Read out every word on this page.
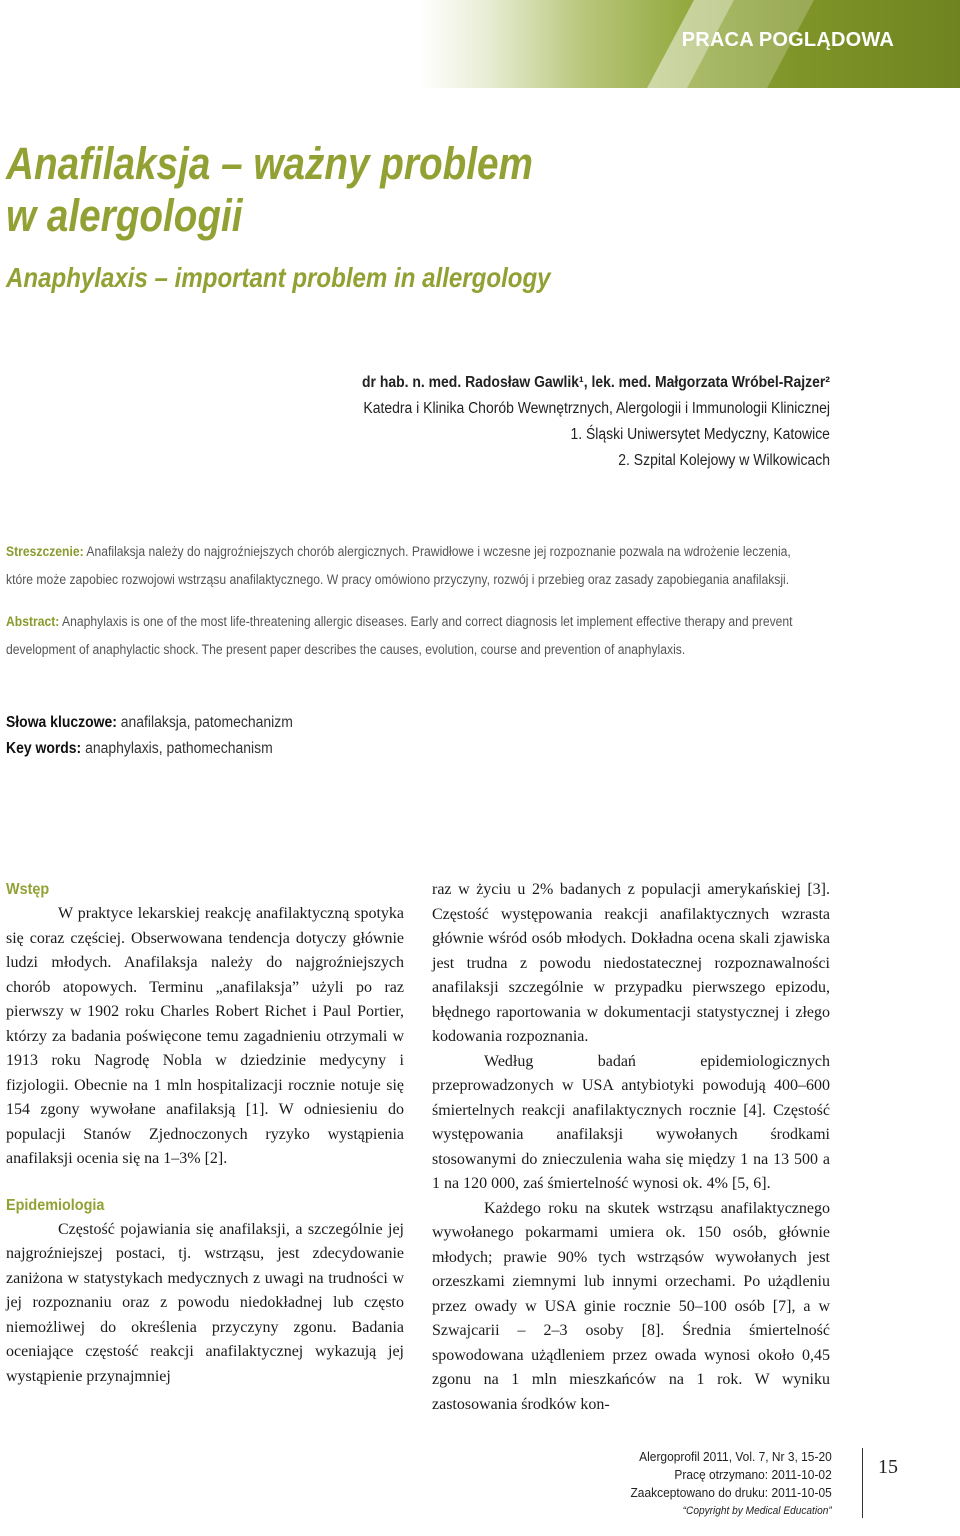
PRACA POGLĄDOWA
Anafilaksja – ważny problem
w alergologii
Anaphylaxis – important problem in allergology
dr hab. n. med. Radosław Gawlik¹, lek. med. Małgorzata Wróbel-Rajzer²
Katedra i Klinika Chorób Wewnętrznych, Alergologii i Immunologii Klinicznej
1. Śląski Uniwersytet Medyczny, Katowice
2. Szpital Kolejowy w Wilkowicach

Streszczenie: Anafilaksja należy do najgroźniejszych chorób alergicznych. Prawidłowe i wczesne jej rozpoznanie pozwala na wdrożenie leczenia, które może zapobiec rozwojowi wstrząsu anafilaktycznego. W pracy omówiono przyczyny, rozwój i przebieg oraz zasady zapobiegania anafilaksji.

Abstract: Anaphylaxis is one of the most life-threatening allergic diseases. Early and correct diagnosis let implement effective therapy and prevent development of anaphylactic shock. The present paper describes the causes, evolution, course and prevention of anaphylaxis.

Słowa kluczowe: anafilaksja, patomechanizm
Key words: anaphylaxis, pathomechanism
Wstęp

W praktyce lekarskiej reakcję anafilaktyczną spotyka się coraz częściej. Obserwowana tendencja dotyczy głównie ludzi młodych. Anafilaksja należy do najgroźniejszych chorób atopowych. Terminu „anafilaksja” użyli po raz pierwszy w 1902 roku Charles Robert Richet i Paul Portier, którzy za badania poświęcone temu zagadnieniu otrzymali w 1913 roku Nagrodę Nobla w dziedzinie medycyny i fizjologii. Obecnie na 1 mln hospitalizacji rocznie notuje się 154 zgony wywołane anafilaksją [1]. W odniesieniu do populacji Stanów Zjednoczonych ryzyko wystąpienia anafilaksji ocenia się na 1–3% [2].

Epidemiologia

Częstość pojawiania się anafilaksji, a szczególnie jej najgroźniejszej postaci, tj. wstrząsu, jest zdecydowanie zaniżona w statystykach medycznych z uwagi na trudności w jej rozpoznaniu oraz z powodu niedokładnej lub często niemożliwej do określenia przyczyny zgonu. Badania oceniające częstość reakcji anafilaktycznej wykazują jej wystąpienie przynajmniej

raz w życiu u 2% badanych z populacji amerykańskiej [3]. Częstość występowania reakcji anafilaktycznych wzrasta głównie wśród osób młodych. Dokładna ocena skali zjawiska jest trudna z powodu niedostatecznej rozpoznawalności anafilaksji szczególnie w przypadku pierwszego epizodu, błędnego raportowania w dokumentacji statystycznej i złego kodowania rozpoznania.

Według badań epidemiologicznych przeprowadzonych w USA antybiotyki powodują 400–600 śmiertelnych reakcji anafilaktycznych rocznie [4]. Częstość występowania anafilaksji wywołanych środkami stosowanymi do znieczulenia waha się między 1 na 13 500 a 1 na 120 000, zaś śmiertelność wynosi ok. 4% [5, 6].

Każdego roku na skutek wstrząsu anafilaktycznego wywołanego pokarmami umiera ok. 150 osób, głównie młodych; prawie 90% tych wstrząsów wywołanych jest orzeszkami ziemnymi lub innymi orzechami. Po użądleniu przez owady w USA ginie rocznie 50–100 osób [7], a w Szwajcarii – 2–3 osoby [8]. Średnia śmiertelność spowodowana użądleniem przez owada wynosi około 0,45 zgonu na 1 mln mieszkańców na 1 rok. W wyniku zastosowania środków kon-

Alergoprofil 2011, Vol. 7, Nr 3, 15-20
Pracę otrzymano: 2011-10-02
Zaakceptowano do druku: 2011-10-05
“Copyright by Medical Education”
15
